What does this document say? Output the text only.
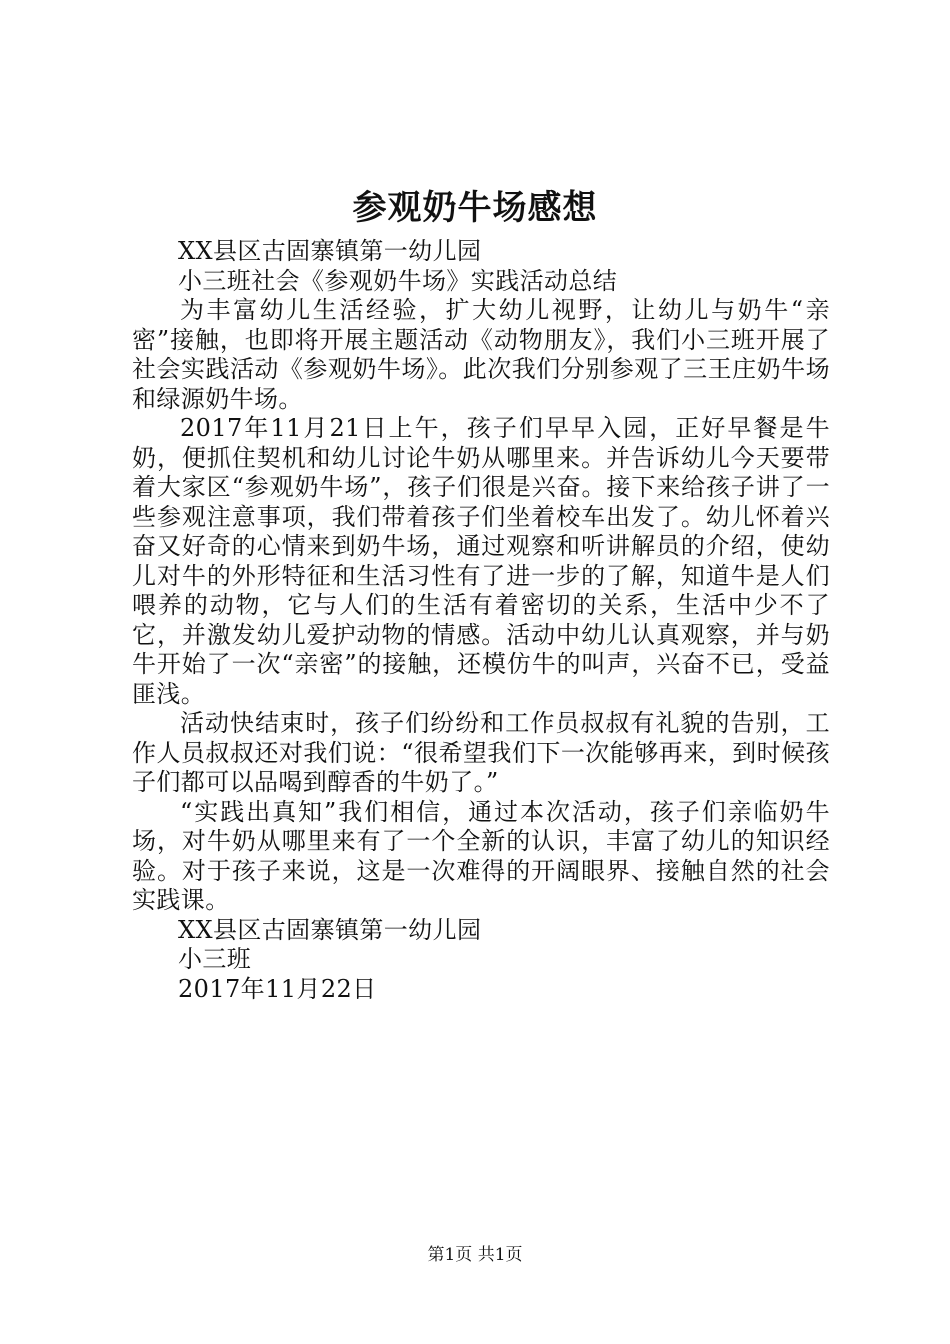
参观奶牛场感想

XX县区古固寨镇第一幼儿园

小三班社会《参观奶牛场》实践活动总结

为丰富幼儿生活经验，扩大幼儿视野，让幼儿与奶牛“亲密”接触，也即将开展主题活动《动物朋友》，我们小三班开展了社会实践活动《参观奶牛场》。此次我们分别参观了三王庄奶牛场和绿源奶牛场。

2017年11月21日上午，孩子们早早入园，正好早餐是牛奶，便抓住契机和幼儿讨论牛奶从哪里来。并告诉幼儿今天要带着大家区“参观奶牛场”，孩子们很是兴奋。接下来给孩子讲了一些参观注意事项，我们带着孩子们坐着校车出发了。幼儿怀着兴奋又好奇的心情来到奶牛场，通过观察和听讲解员的介绍，使幼儿对牛的外形特征和生活习性有了进一步的了解，知道牛是人们喂养的动物，它与人们的生活有着密切的关系，生活中少不了它，并激发幼儿爱护动物的情感。活动中幼儿认真观察，并与奶牛开始了一次“亲密”的接触，还模仿牛的叫声，兴奋不已，受益匪浅。

活动快结束时，孩子们纷纷和工作员叔叔有礼貌的告别，工作人员叔叔还对我们说：“很希望我们下一次能够再来，到时候孩子们都可以品喝到醇香的牛奶了。”

“实践出真知”我们相信，通过本次活动，孩子们亲临奶牛场，对牛奶从哪里来有了一个全新的认识，丰富了幼儿的知识经验。对于孩子来说，这是一次难得的开阔眼界、接触自然的社会实践课。

XX县区古固寨镇第一幼儿园

小三班

2017年11月22日

第1页 共1页
